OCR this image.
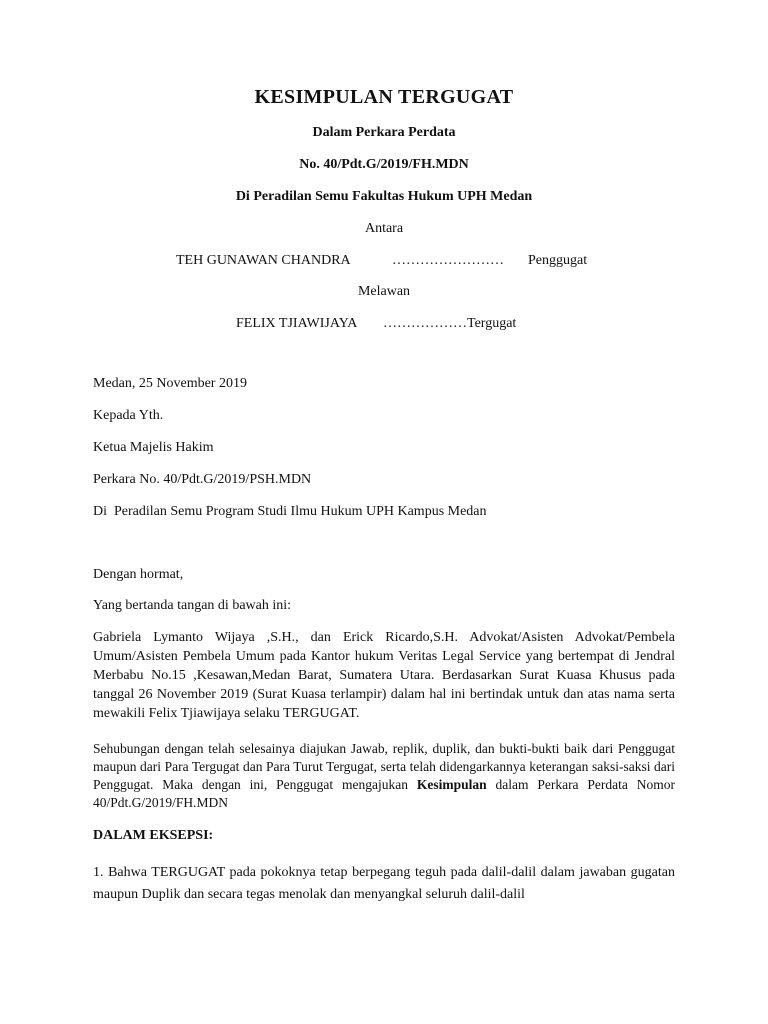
KESIMPULAN TERGUGAT
Dalam Perkara Perdata
No. 40/Pdt.G/2019/FH.MDN
Di Peradilan Semu Fakultas Hukum UPH Medan
Antara
TEH GUNAWAN CHANDRA	…………………… Penggugat
Melawan
FELIX TJIAWIJAYA ………………Tergugat
Medan, 25 November 2019
Kepada Yth.
Ketua Majelis Hakim
Perkara No. 40/Pdt.G/2019/PSH.MDN
Di  Peradilan Semu Program Studi Ilmu Hukum UPH Kampus Medan
Dengan hormat,
Yang bertanda tangan di bawah ini:
Gabriela Lymanto Wijaya ,S.H., dan Erick Ricardo,S.H. Advokat/Asisten Advokat/Pembela Umum/Asisten Pembela Umum pada Kantor hukum Veritas Legal Service yang bertempat di Jendral Merbabu No.15 ,Kesawan,Medan Barat, Sumatera Utara. Berdasarkan Surat Kuasa Khusus pada tanggal 26 November 2019 (Surat Kuasa terlampir) dalam hal ini bertindak untuk dan atas nama serta mewakili Felix Tjiawijaya selaku TERGUGAT.
Sehubungan dengan telah selesainya diajukan Jawab, replik, duplik, dan bukti-bukti baik dari Penggugat maupun dari Para Tergugat dan Para Turut Tergugat, serta telah didengarkannya keterangan saksi-saksi dari Penggugat. Maka dengan ini, Penggugat mengajukan Kesimpulan dalam Perkara Perdata Nomor 40/Pdt.G/2019/FH.MDN
DALAM EKSEPSI:
1. Bahwa TERGUGAT pada pokoknya tetap berpegang teguh pada dalil-dalil dalam jawaban gugatan maupun Duplik dan secara tegas menolak dan menyangkal seluruh dalil-dalil
